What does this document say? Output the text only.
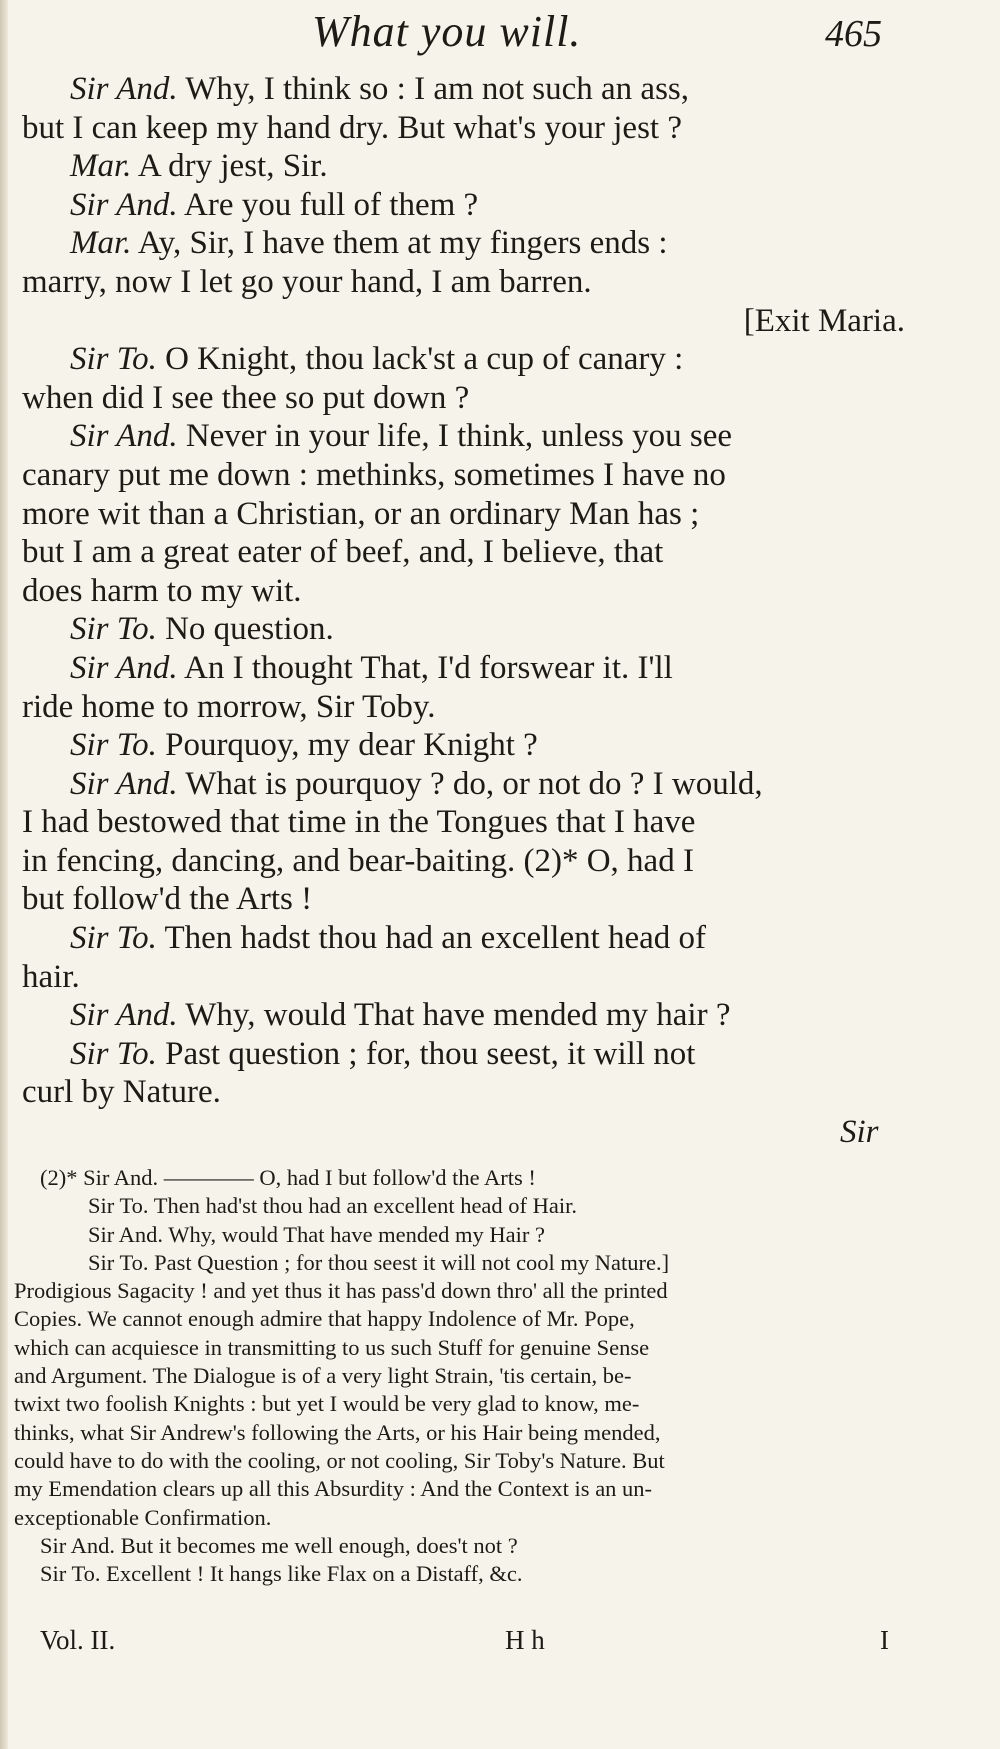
What you will.	465
Sir And. Why, I think so : I am not such an ass,
but I can keep my hand dry. But what's your jest ?
Mar. A dry jest, Sir.
Sir And. Are you full of them ?
Mar. Ay, Sir, I have them at my fingers ends :
marry, now I let go your hand, I am barren.
[Exit Maria.
Sir To. O Knight, thou lack'st a cup of canary :
when did I see thee so put down ?
Sir And. Never in your life, I think, unless you see
canary put me down : methinks, sometimes I have no
more wit than a Christian, or an ordinary Man has ;
but I am a great eater of beef, and, I believe, that
does harm to my wit.
Sir To. No question.
Sir And. An I thought That, I'd forswear it. I'll
ride home to morrow, Sir Toby.
Sir To. Pourquoy, my dear Knight ?
Sir And. What is pourquoy ? do, or not do ? I would,
I had bestowed that time in the Tongues that I have
in fencing, dancing, and bear-baiting. (2)* O, had I
but follow'd the Arts !
Sir To. Then hadst thou had an excellent head of
hair.
Sir And. Why, would That have mended my hair ?
Sir To. Past question ; for, thou seest, it will not
curl by Nature.
Sir
(2)* Sir And. ———— O, had I but follow'd the Arts !
Sir To. Then had'st thou had an excellent head of Hair.
Sir And. Why, would That have mended my Hair ?
Sir To. Past Question ; for thou seest it will not cool my Nature.]
Prodigious Sagacity ! and yet thus it has pass'd down thro' all the printed
Copies. We cannot enough admire that happy Indolence of Mr. Pope,
which can acquiesce in transmitting to us such Stuff for genuine Sense
and Argument. The Dialogue is of a very light Strain, 'tis certain, be-
twixt two foolish Knights : but yet I would be very glad to know, me-
thinks, what Sir Andrew's following the Arts, or his Hair being mended,
could have to do with the cooling, or not cooling, Sir Toby's Nature. But
my Emendation clears up all this Absurdity : And the Context is an un-
exceptionable Confirmation.
Sir And. But it becomes me well enough, does't not ?
Sir To. Excellent ! It hangs like Flax on a Distaff, &c.
Vol. II.	H h	I
